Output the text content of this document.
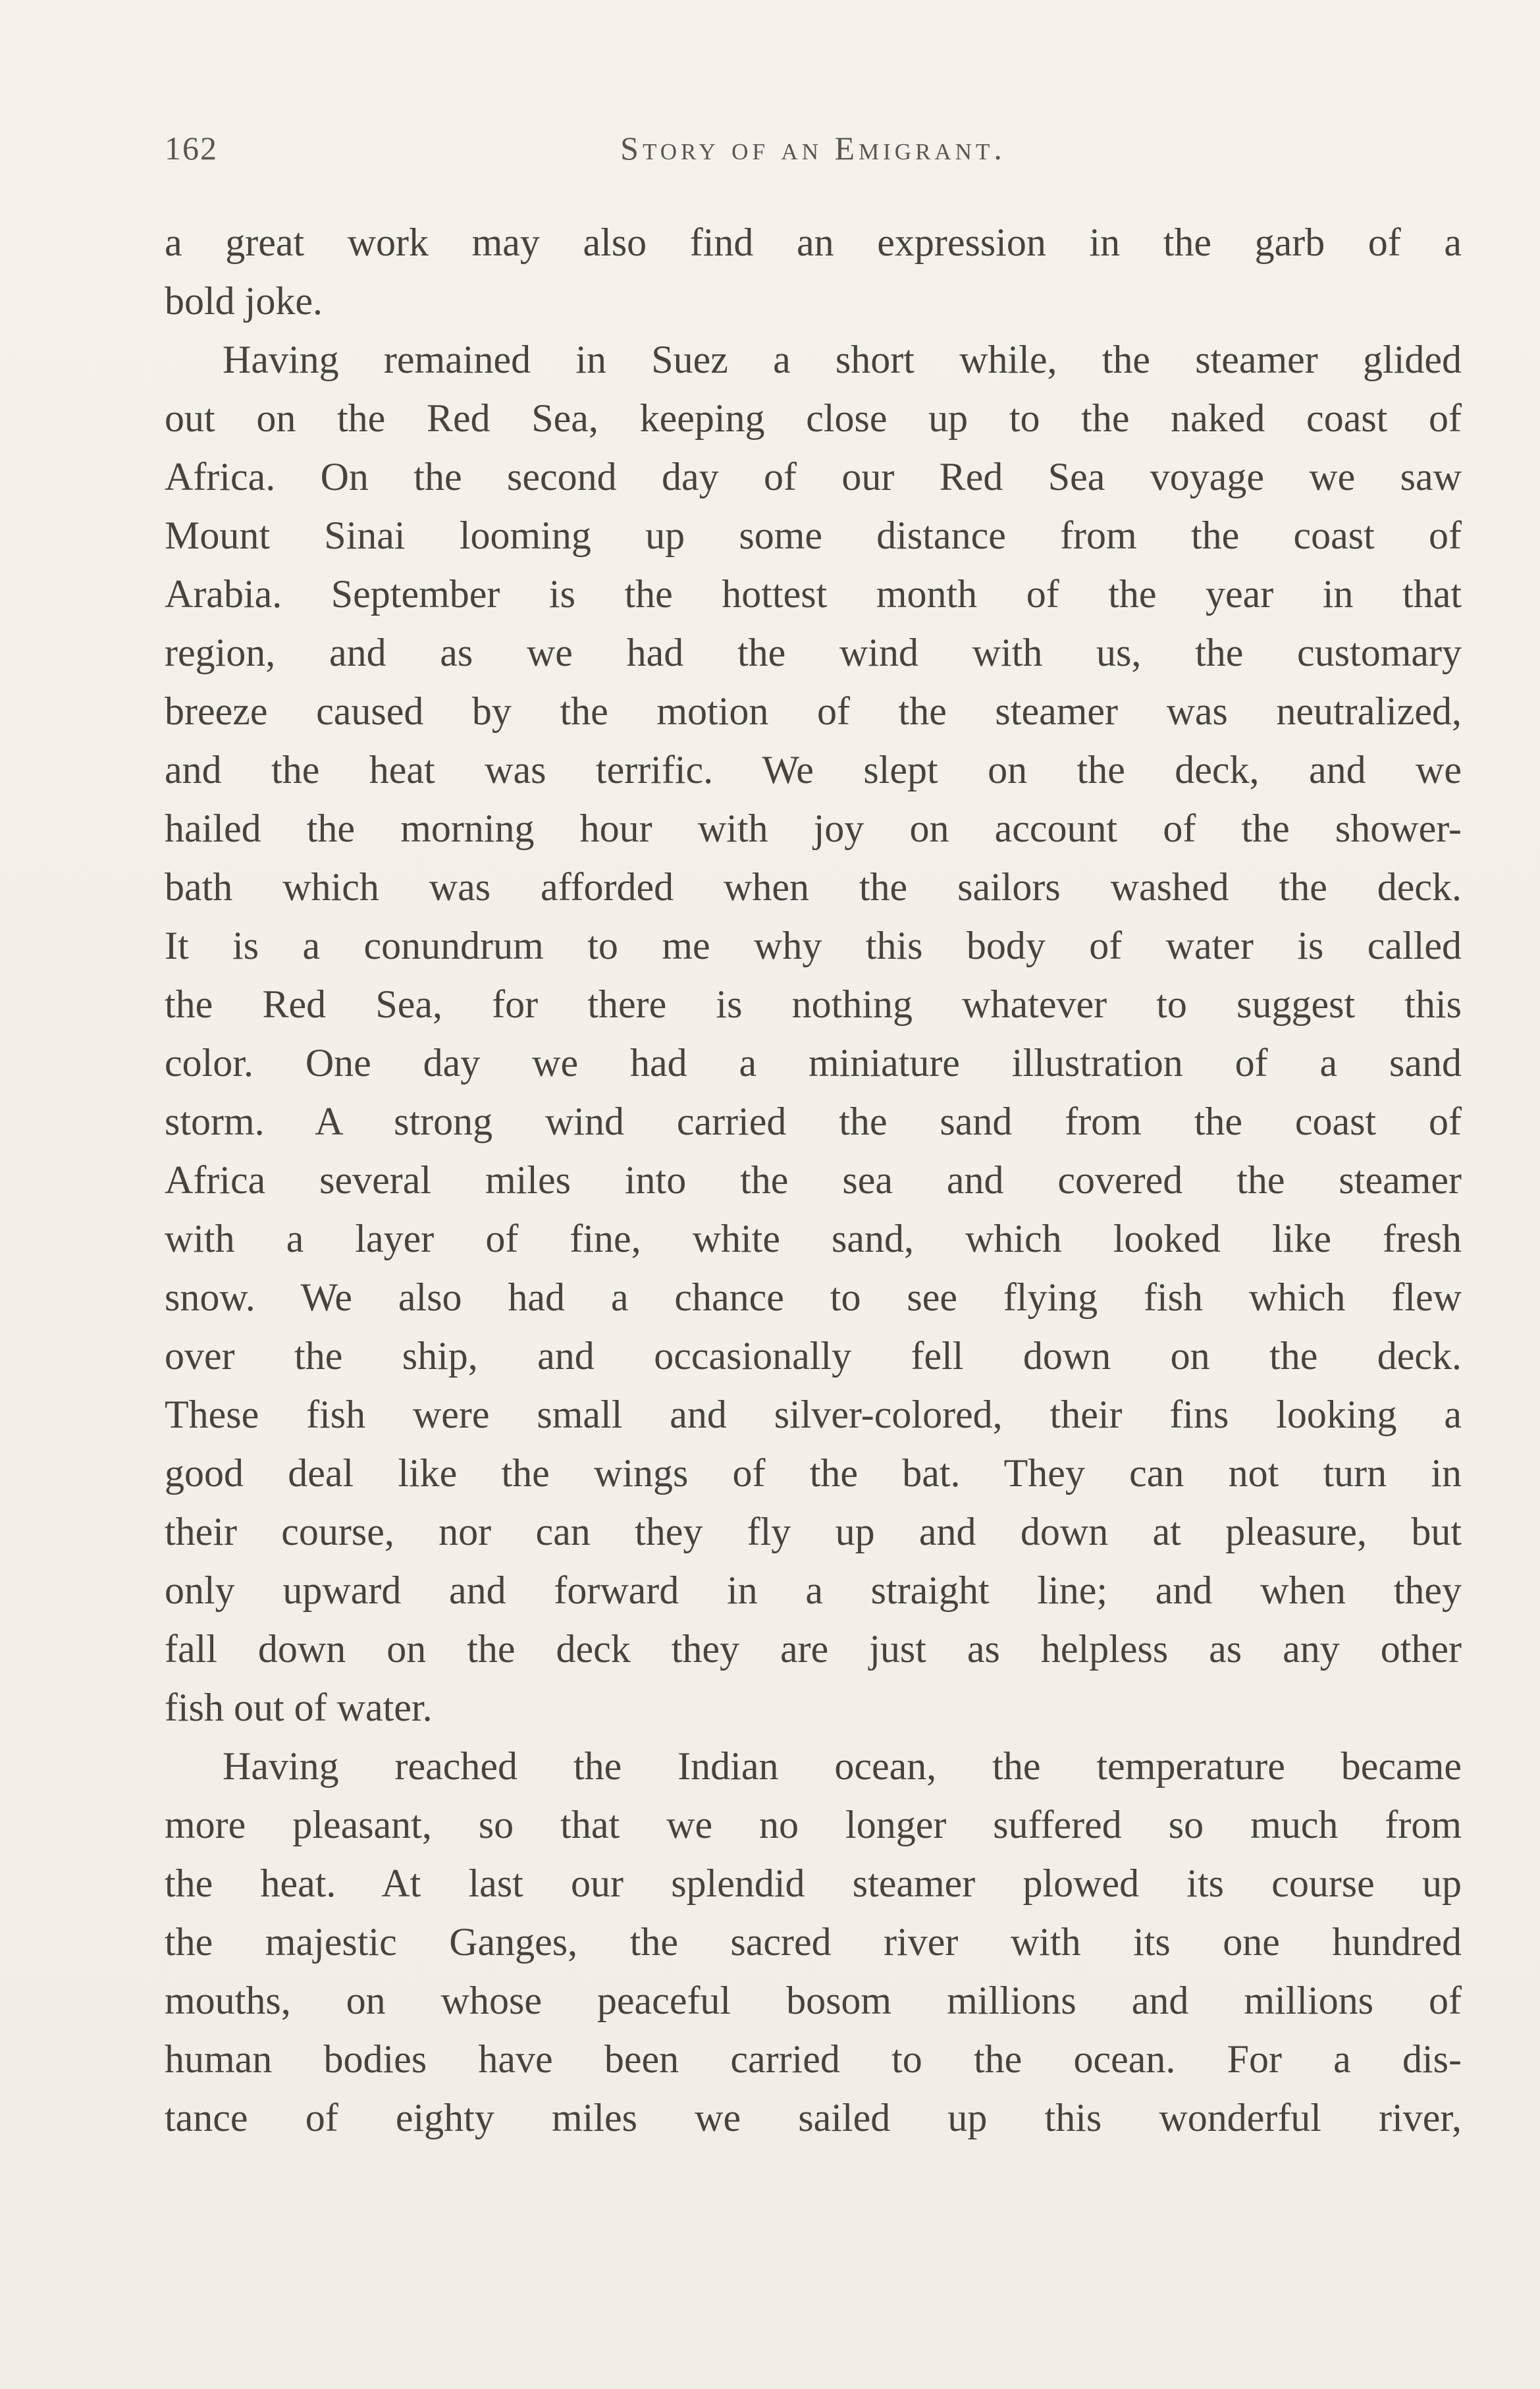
162	Story of an Emigrant.
a great work may also find an expression in the garb of a
bold joke.
Having remained in Suez a short while, the steamer glided
out on the Red Sea, keeping close up to the naked coast of
Africa. On the second day of our Red Sea voyage we saw
Mount Sinai looming up some distance from the coast of
Arabia. September is the hottest month of the year in that
region, and as we had the wind with us, the customary
breeze caused by the motion of the steamer was neutralized,
and the heat was terrific. We slept on the deck, and we
hailed the morning hour with joy on account of the shower-
bath which was afforded when the sailors washed the deck.
It is a conundrum to me why this body of water is called
the Red Sea, for there is nothing whatever to suggest this
color. One day we had a miniature illustration of a sand
storm. A strong wind carried the sand from the coast of
Africa several miles into the sea and covered the steamer
with a layer of fine, white sand, which looked like fresh
snow. We also had a chance to see flying fish which flew
over the ship, and occasionally fell down on the deck.
These fish were small and silver-colored, their fins looking a
good deal like the wings of the bat. They can not turn in
their course, nor can they fly up and down at pleasure, but
only upward and forward in a straight line; and when they
fall down on the deck they are just as helpless as any other
fish out of water.
Having reached the Indian ocean, the temperature became
more pleasant, so that we no longer suffered so much from
the heat. At last our splendid steamer plowed its course up
the majestic Ganges, the sacred river with its one hundred
mouths, on whose peaceful bosom millions and millions of
human bodies have been carried to the ocean. For a dis-
tance of eighty miles we sailed up this wonderful river,
